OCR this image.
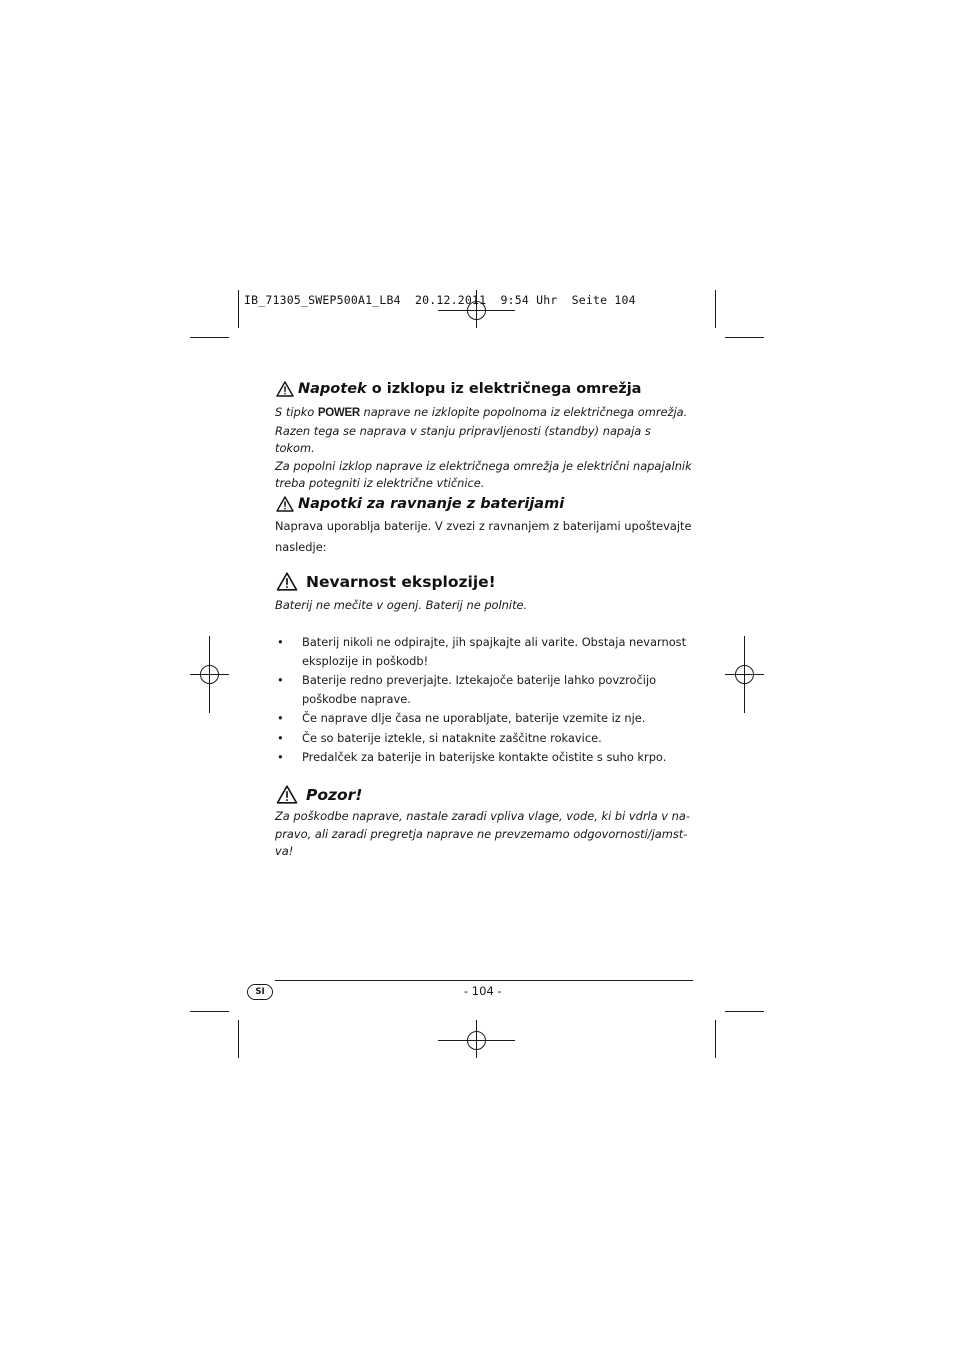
IB_71305_SWEP500A1_LB4  20.12.2011  9:54 Uhr  Seite 104
Napotek o izklopu iz električnega omrežja

S tipko POWER naprave ne izklopite popolnoma iz električnega omrežja.

Razen tega se naprava v stanju pripravljenosti (standby) napaja s tokom.

Za popolni izklop naprave iz električnega omrežja je električni napajalnik

treba potegniti iz električne vtičnice.

Napotki za ravnanje z baterijami

Naprava uporablja baterije. V zvezi z ravnanjem z baterijami upoštevajte nasledje:

Nevarnost eksplozije!

Baterij ne mečite v ogenj. Baterij ne polnite.

• Baterij nikoli ne odpirajte, jih spajkajte ali varite. Obstaja nevarnost eksplozije in poškodb!
• Baterije redno preverjajte. Iztekajoče baterije lahko povzročijo poškodbe naprave.
• Če naprave dlje časa ne uporabljate, baterije vzemite iz nje.
• Če so baterije iztekle, si nataknite zaščitne rokavice.
• Predalček za baterije in baterijske kontakte očistite s suho krpo.
Pozor!

Za poškodbe naprave, nastale zaradi vpliva vlage, vode, ki bi vdrla v na-

pravo, ali zaradi pregretja naprave ne prevzemamo odgovornosti/jamst-

va!

SI	- 104 -
